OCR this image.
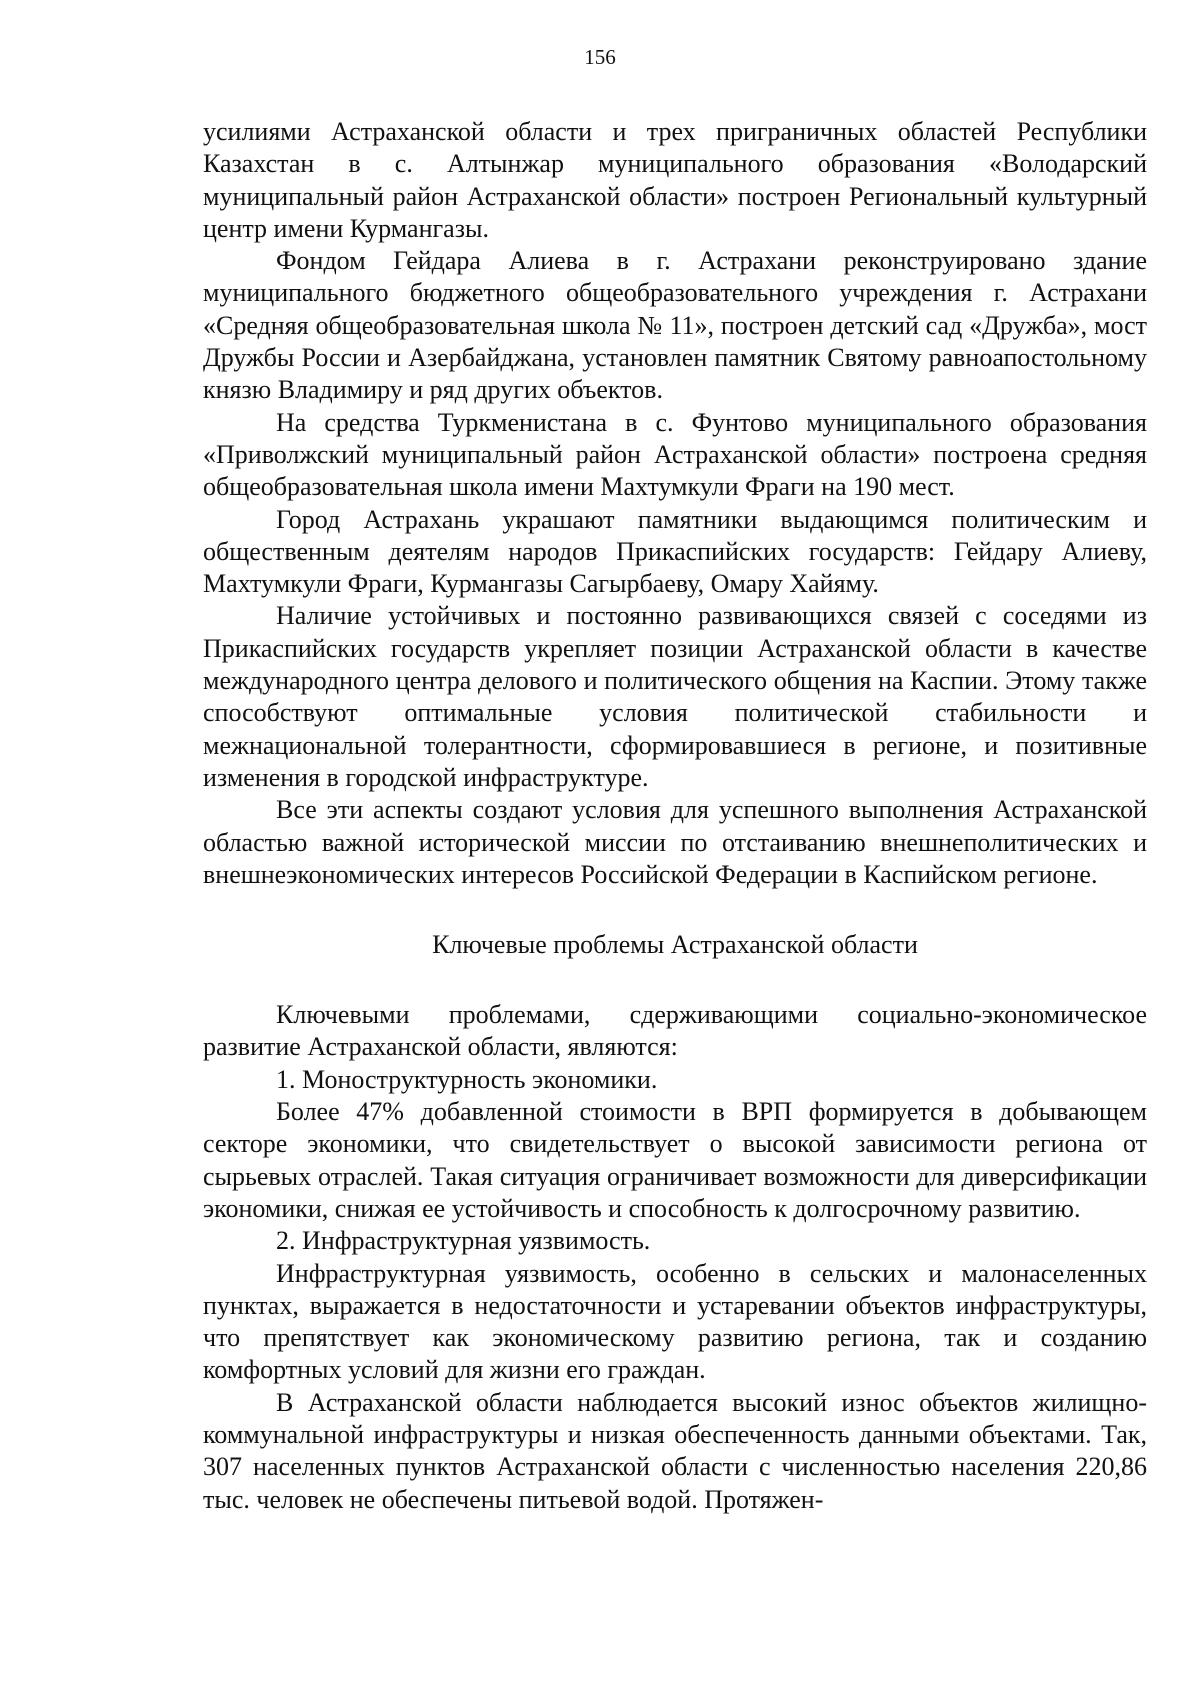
156

усилиями Астраханской области и трех приграничных областей Республики Казахстан в с. Алтынжар муниципального образования «Володарский муниципальный район Астраханской области» построен Региональный культурный центр имени Курмангазы.

Фондом Гейдара Алиева в г. Астрахани реконструировано здание муниципального бюджетного общеобразовательного учреждения г. Астрахани «Средняя общеобразовательная школа № 11», построен детский сад «Дружба», мост Дружбы России и Азербайджана, установлен памятник Святому равноапостольному князю Владимиру и ряд других объектов.

На средства Туркменистана в с. Фунтово муниципального образования «Приволжский муниципальный район Астраханской области» построена средняя общеобразовательная школа имени Махтумкули Фраги на 190 мест.

Город Астрахань украшают памятники выдающимся политическим и общественным деятелям народов Прикаспийских государств: Гейдару Алиеву, Махтумкули Фраги, Курмангазы Сагырбаеву, Омару Хайяму.

Наличие устойчивых и постоянно развивающихся связей с соседями из Прикаспийских государств укрепляет позиции Астраханской области в качестве международного центра делового и политического общения на Каспии. Этому также способствуют оптимальные условия политической стабильности и межнациональной толерантности, сформировавшиеся в регионе, и позитивные изменения в городской инфраструктуре.

Все эти аспекты создают условия для успешного выполнения Астраханской областью важной исторической миссии по отстаиванию внешнеполитических и внешнеэкономических интересов Российской Федерации в Каспийском регионе.

Ключевые проблемы Астраханской области

Ключевыми проблемами, сдерживающими социально-экономическое развитие Астраханской области, являются:

1. Моноструктурность экономики.

Более 47% добавленной стоимости в ВРП формируется в добывающем секторе экономики, что свидетельствует о высокой зависимости региона от сырьевых отраслей. Такая ситуация ограничивает возможности для диверсификации экономики, снижая ее устойчивость и способность к долгосрочному развитию.

2. Инфраструктурная уязвимость.

Инфраструктурная уязвимость, особенно в сельских и малонаселенных пунктах, выражается в недостаточности и устаревании объектов инфраструктуры, что препятствует как экономическому развитию региона, так и созданию комфортных условий для жизни его граждан.

В Астраханской области наблюдается высокий износ объектов жилищно-коммунальной инфраструктуры и низкая обеспеченность данными объектами. Так, 307 населенных пунктов Астраханской области с численностью населения 220,86 тыс. человек не обеспечены питьевой водой. Протяжен-
